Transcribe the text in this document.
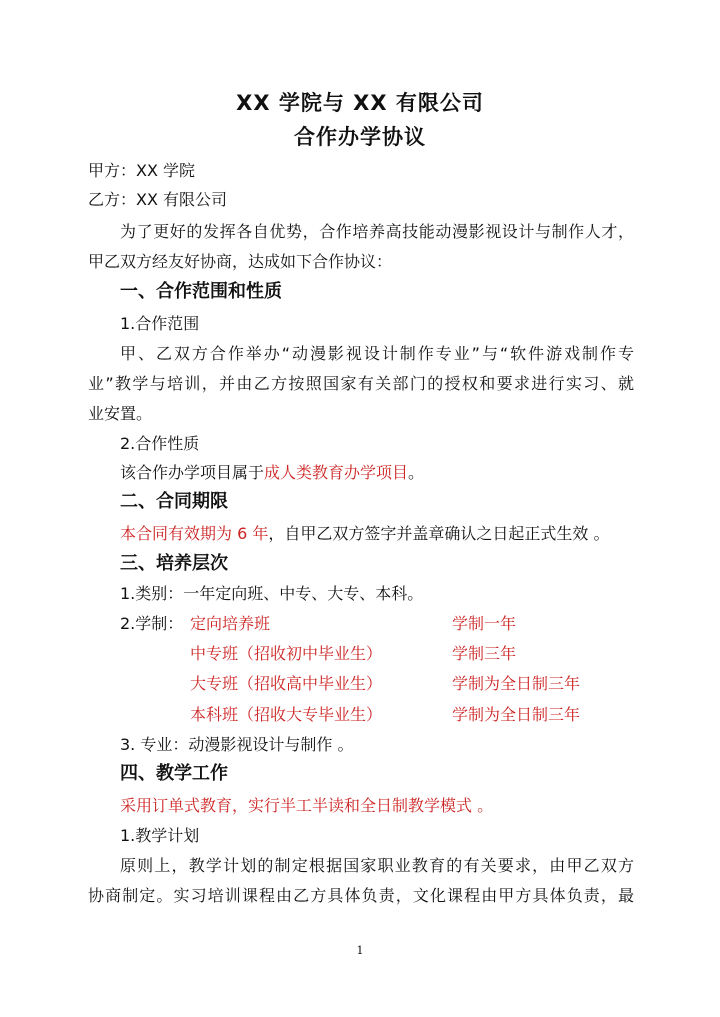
XX 学院与 XX 有限公司
合作办学协议
甲方：XX 学院
乙方：XX 有限公司
为了更好的发挥各自优势，合作培养高技能动漫影视设计与制作人才，
甲乙双方经友好协商，达成如下合作协议：
一、合作范围和性质
1.合作范围
甲、乙双方合作举办“动漫影视设计制作专业”与“软件游戏制作专
业”教学与培训，并由乙方按照国家有关部门的授权和要求进行实习、就
业安置。
2.合作性质
该合作办学项目属于成人类教育办学项目。
二、合同期限
本合同有效期为 6 年，自甲乙双方签字并盖章确认之日起正式生效 。
三、培养层次
1.类别：一年定向班、中专、大专、本科。
2.学制： 定向培养班	学制一年
中专班（招收初中毕业生）	学制三年
大专班（招收高中毕业生）	学制为全日制三年
本科班（招收大专毕业生）	学制为全日制三年
3. 专业：动漫影视设计与制作 。
四、教学工作
采用订单式教育，实行半工半读和全日制教学模式 。
1.教学计划
原则上，教学计划的制定根据国家职业教育的有关要求，由甲乙双方
协商制定。实习培训课程由乙方具体负责，文化课程由甲方具体负责，最
1
